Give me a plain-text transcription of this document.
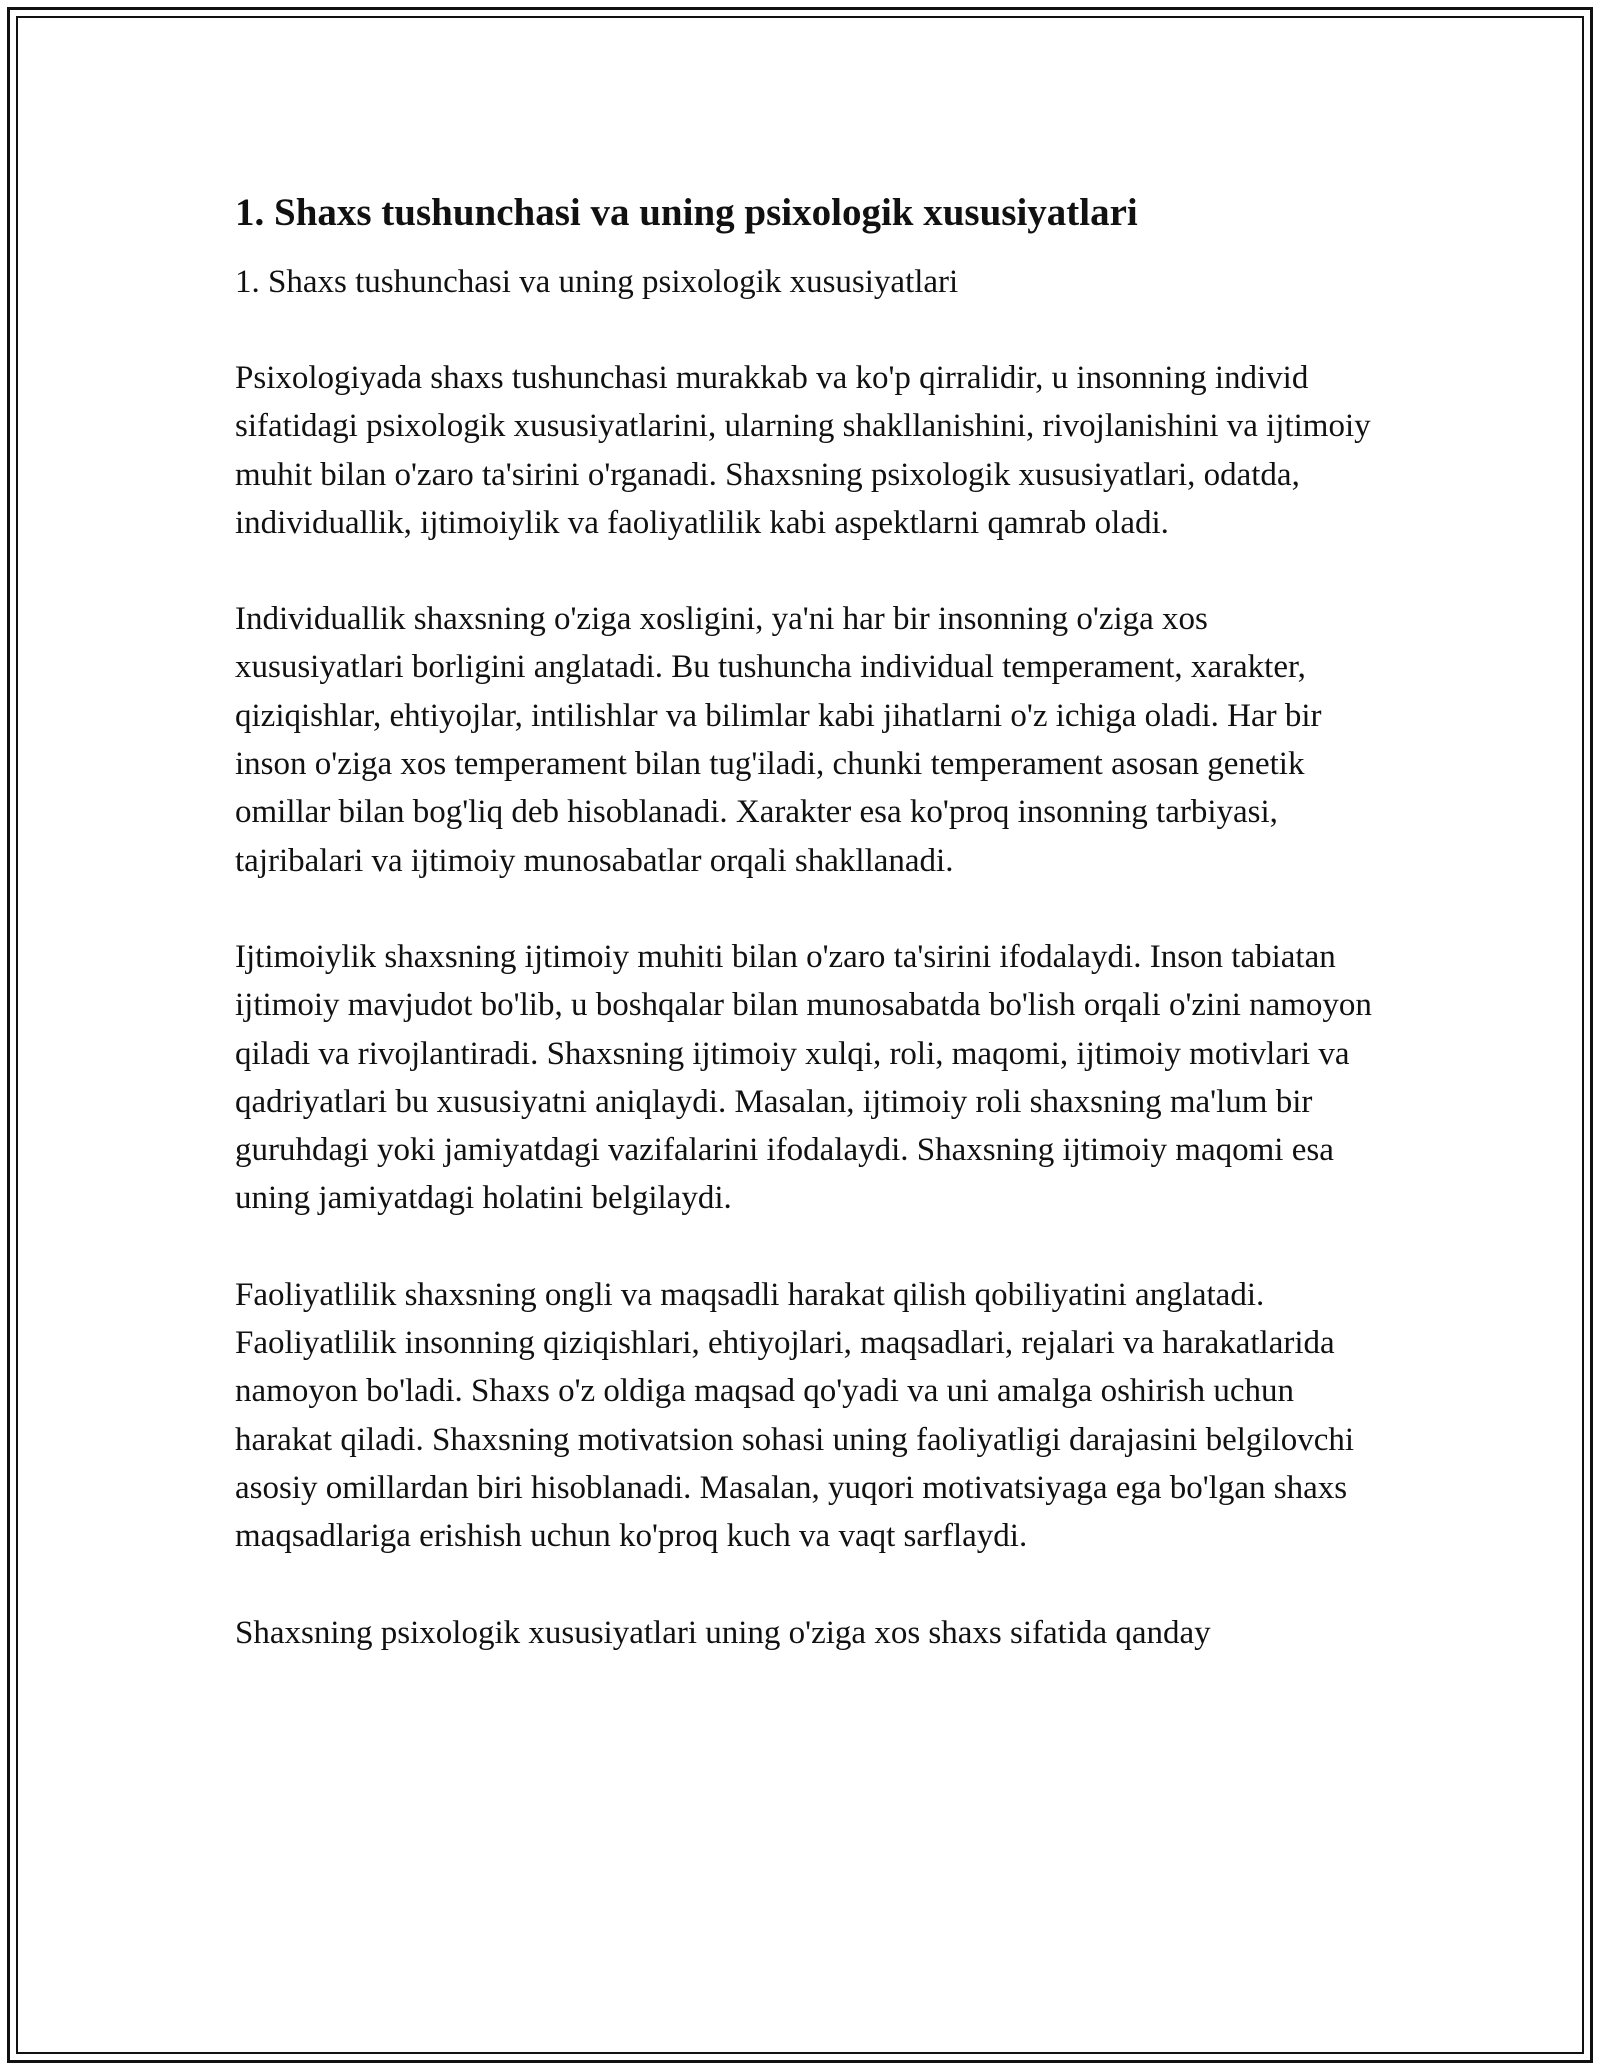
1. Shaxs tushunchasi va uning psixologik xususiyatlari

1. Shaxs tushunchasi va uning psixologik xususiyatlari

Psixologiyada shaxs tushunchasi murakkab va ko'p qirralidir, u insonning individ sifatidagi psixologik xususiyatlarini, ularning shakllanishini, rivojlanishini va ijtimoiy muhit bilan o'zaro ta'sirini o'rganadi. Shaxsning psixologik xususiyatlari, odatda, individuallik, ijtimoiylik va faoliyatlilik kabi aspektlarni qamrab oladi.

Individuallik shaxsning o'ziga xosligini, ya'ni har bir insonning o'ziga xos xususiyatlari borligini anglatadi. Bu tushuncha individual temperament, xarakter, qiziqishlar, ehtiyojlar, intilishlar va bilimlar kabi jihatlarni o'z ichiga oladi. Har bir inson o'ziga xos temperament bilan tug'iladi, chunki temperament asosan genetik omillar bilan bog'liq deb hisoblanadi. Xarakter esa ko'proq insonning tarbiyasi, tajribalari va ijtimoiy munosabatlar orqali shakllanadi.

Ijtimoiylik shaxsning ijtimoiy muhiti bilan o'zaro ta'sirini ifodalaydi. Inson tabiatan ijtimoiy mavjudot bo'lib, u boshqalar bilan munosabatda bo'lish orqali o'zini namoyon qiladi va rivojlantiradi. Shaxsning ijtimoiy xulqi, roli, maqomi, ijtimoiy motivlari va qadriyatlari bu xususiyatni aniqlaydi. Masalan, ijtimoiy roli shaxsning ma'lum bir guruhdagi yoki jamiyatdagi vazifalarini ifodalaydi. Shaxsning ijtimoiy maqomi esa uning jamiyatdagi holatini belgilaydi.

Faoliyatlilik shaxsning ongli va maqsadli harakat qilish qobiliyatini anglatadi. Faoliyatlilik insonning qiziqishlari, ehtiyojlari, maqsadlari, rejalari va harakatlarida namoyon bo'ladi. Shaxs o'z oldiga maqsad qo'yadi va uni amalga oshirish uchun harakat qiladi. Shaxsning motivatsion sohasi uning faoliyatligi darajasini belgilovchi asosiy omillardan biri hisoblanadi. Masalan, yuqori motivatsiyaga ega bo'lgan shaxs maqsadlariga erishish uchun ko'proq kuch va vaqt sarflaydi.

Shaxsning psixologik xususiyatlari uning o'ziga xos shaxs sifatida qanday
